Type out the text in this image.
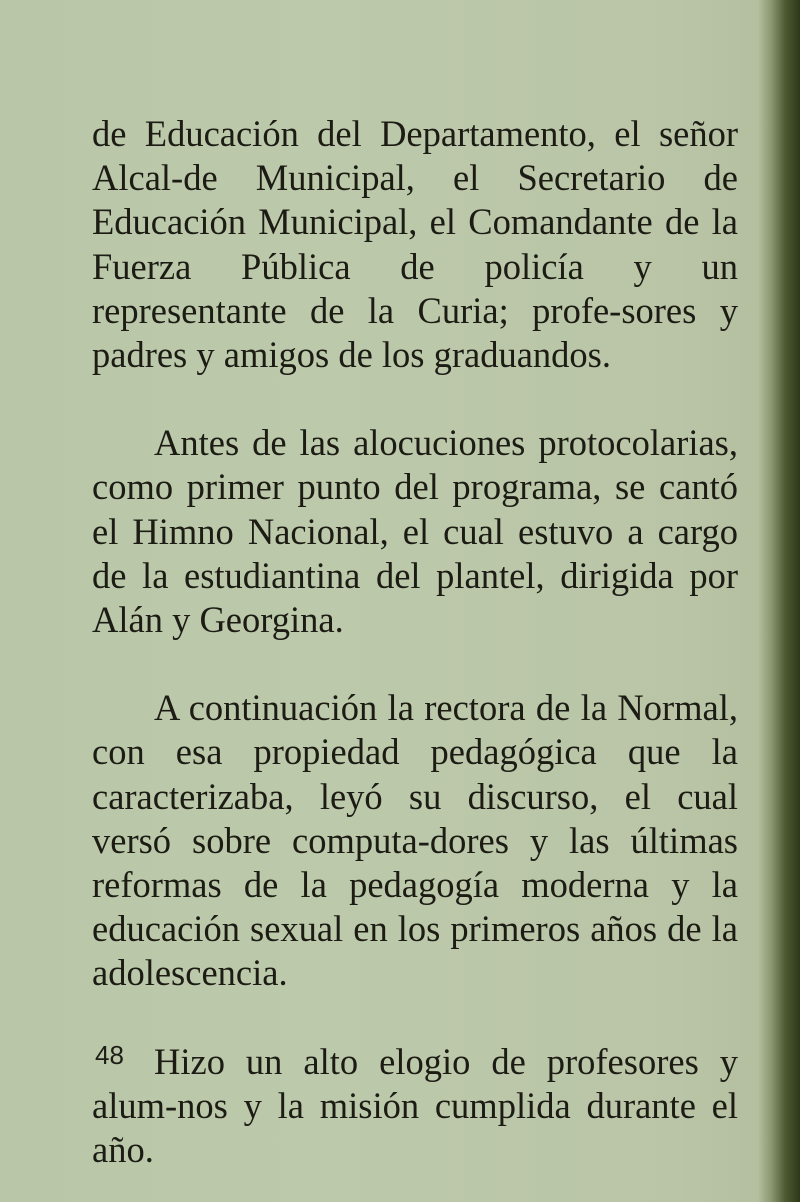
de Educación del Departamento, el señor Alcal-de Municipal, el Secretario de Educación Municipal, el Comandante de la Fuerza Pública de policía y un representante de la Curia; profe-sores y padres y amigos de los graduandos.

Antes de las alocuciones protocolarias, como primer punto del programa, se cantó el Himno Nacional, el cual estuvo a cargo de la estudiantina del plantel, dirigida por Alán y Georgina.

A continuación la rectora de la Normal, con esa propiedad pedagógica que la caracterizaba, leyó su discurso, el cual versó sobre computa-dores y las últimas reformas de la pedagogía moderna y la educación sexual en los primeros años de la adolescencia.

Hizo un alto elogio de profesores y alum-nos y la misión cumplida durante el año.

48
